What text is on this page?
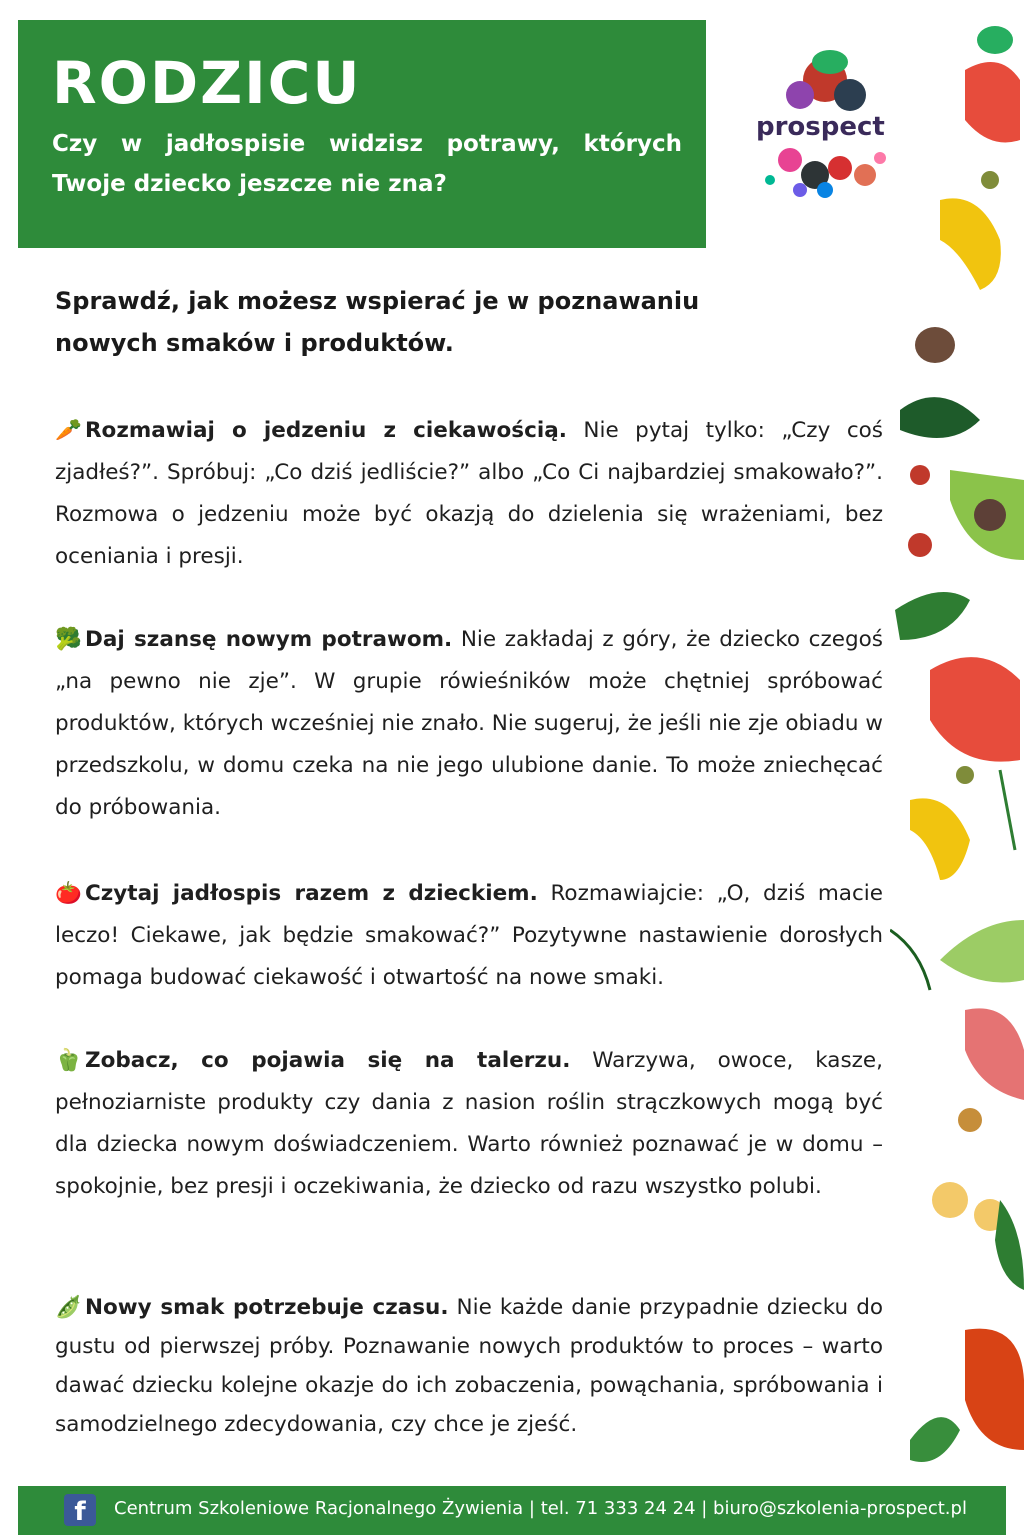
RODZICU
Czy w jadłospisie widzisz potrawy, których Twoje dziecko jeszcze nie zna?
prospect
Sprawdź, jak możesz wspierać je w poznawaniu nowych smaków i produktów.
🥕 Rozmawiaj o jedzeniu z ciekawością. Nie pytaj tylko: „Czy coś zjadłeś?”. Spróbuj: „Co dziś jedliście?” albo „Co Ci najbardziej smakowało?”. Rozmowa o jedzeniu może być okazją do dzielenia się wrażeniami, bez oceniania i presji.
🥦 Daj szansę nowym potrawom. Nie zakładaj z góry, że dziecko czegoś „na pewno nie zje”. W grupie rówieśników może chętniej spróbować produktów, których wcześniej nie znało. Nie sugeruj, że jeśli nie zje obiadu w przedszkolu, w domu czeka na nie jego ulubione danie. To może zniechęcać do próbowania.
🍅 Czytaj jadłospis razem z dzieckiem. Rozmawiajcie: „O, dziś macie leczo! Ciekawe, jak będzie smakować?” Pozytywne nastawienie dorosłych pomaga budować ciekawość i otwartość na nowe smaki.
🫑 Zobacz, co pojawia się na talerzu. Warzywa, owoce, kasze, pełnoziarniste produkty czy dania z nasion roślin strączkowych mogą być dla dziecka nowym doświadczeniem. Warto również poznawać je w domu – spokojnie, bez presji i oczekiwania, że dziecko od razu wszystko polubi.
🫛 Nowy smak potrzebuje czasu. Nie każde danie przypadnie dziecku do gustu od pierwszej próby. Poznawanie nowych produktów to proces – warto dawać dziecku kolejne okazje do ich zobaczenia, powąchania, spróbowania i samodzielnego zdecydowania, czy chce je zjeść.
f	Centrum Szkoleniowe Racjonalnego Żywienia | tel. 71 333 24 24 | biuro@szkolenia-prospect.pl
